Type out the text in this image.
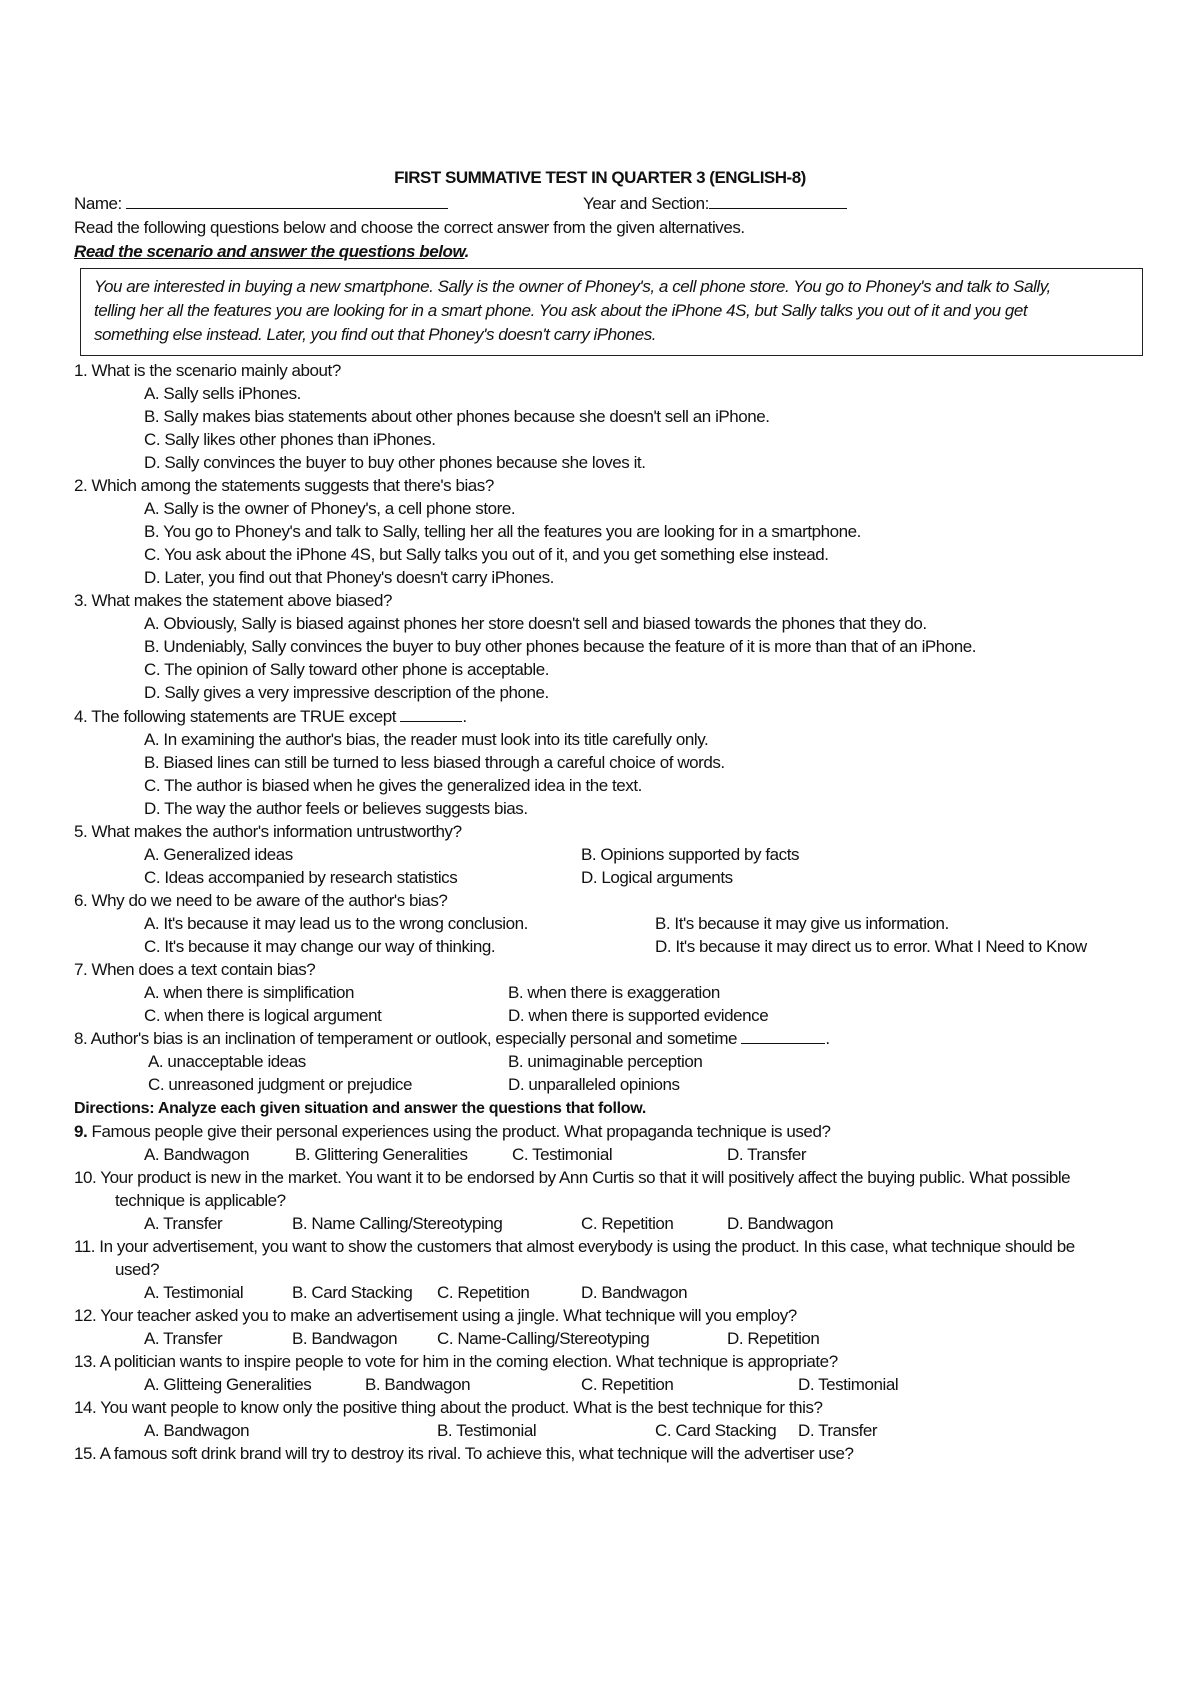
FIRST SUMMATIVE TEST IN QUARTER 3 (ENGLISH-8)
Name:	Year and Section:
Read the following questions below and choose the correct answer from the given alternatives.
Read the scenario and answer the questions below.
You are interested in buying a new smartphone. Sally is the owner of Phoney's, a cell phone store. You go to Phoney's and talk to Sally,
telling her all the features you are looking for in a smart phone. You ask about the iPhone 4S, but Sally talks you out of it and you get
something else instead. Later, you find out that Phoney's doesn't carry iPhones.
1. What is the scenario mainly about?
A. Sally sells iPhones.
B. Sally makes bias statements about other phones because she doesn't sell an iPhone.
C. Sally likes other phones than iPhones.
D. Sally convinces the buyer to buy other phones because she loves it.
2. Which among the statements suggests that there's bias?
A. Sally is the owner of Phoney's, a cell phone store.
B. You go to Phoney's and talk to Sally, telling her all the features you are looking for in a smartphone.
C. You ask about the iPhone 4S, but Sally talks you out of it, and you get something else instead.
D. Later, you find out that Phoney's doesn't carry iPhones.
3. What makes the statement above biased?
A. Obviously, Sally is biased against phones her store doesn't sell and biased towards the phones that they do.
B. Undeniably, Sally convinces the buyer to buy other phones because the feature of it is more than that of an iPhone.
C. The opinion of Sally toward other phone is acceptable.
D. Sally gives a very impressive description of the phone.
4. The following statements are TRUE except	.
A. In examining the author's bias, the reader must look into its title carefully only.
B. Biased lines can still be turned to less biased through a careful choice of words.
C. The author is biased when he gives the generalized idea in the text.
D. The way the author feels or believes suggests bias.
5. What makes the author's information untrustworthy?
A. Generalized ideas	B. Opinions supported by facts
C. Ideas accompanied by research statistics	D. Logical arguments
6. Why do we need to be aware of the author's bias?
A. It's because it may lead us to the wrong conclusion.	B. It's because it may give us information.
C. It's because it may change our way of thinking.	D. It's because it may direct us to error. What I Need to Know
7. When does a text contain bias?
A. when there is simplification	B. when there is exaggeration
C. when there is logical argument	D. when there is supported evidence
8. Author's bias is an inclination of temperament or outlook, especially personal and sometime	.
A. unacceptable ideas	B. unimaginable perception
C. unreasoned judgment or prejudice	D. unparalleled opinions
Directions: Analyze each given situation and answer the questions that follow.
9. Famous people give their personal experiences using the product. What propaganda technique is used?
A. Bandwagon	B. Glittering Generalities	C. Testimonial	D. Transfer
10. Your product is new in the market. You want it to be endorsed by Ann Curtis so that it will positively affect the buying public. What possible
technique is applicable?
A. Transfer	B. Name Calling/Stereotyping	C. Repetition	D. Bandwagon
11. In your advertisement, you want to show the customers that almost everybody is using the product. In this case, what technique should be
used?
A. Testimonial	B. Card Stacking C. Repetition	D. Bandwagon
12. Your teacher asked you to make an advertisement using a jingle. What technique will you employ?
A. Transfer	B. Bandwagon C. Name-Calling/Stereotyping	D. Repetition
13. A politician wants to inspire people to vote for him in the coming election. What technique is appropriate?
A. Glitteing Generalities	B. Bandwagon	C. Repetition	D. Testimonial
14. You want people to know only the positive thing about the product. What is the best technique for this?
A. Bandwagon	B. Testimonial	C. Card Stacking D. Transfer
15. A famous soft drink brand will try to destroy its rival. To achieve this, what technique will the advertiser use?
